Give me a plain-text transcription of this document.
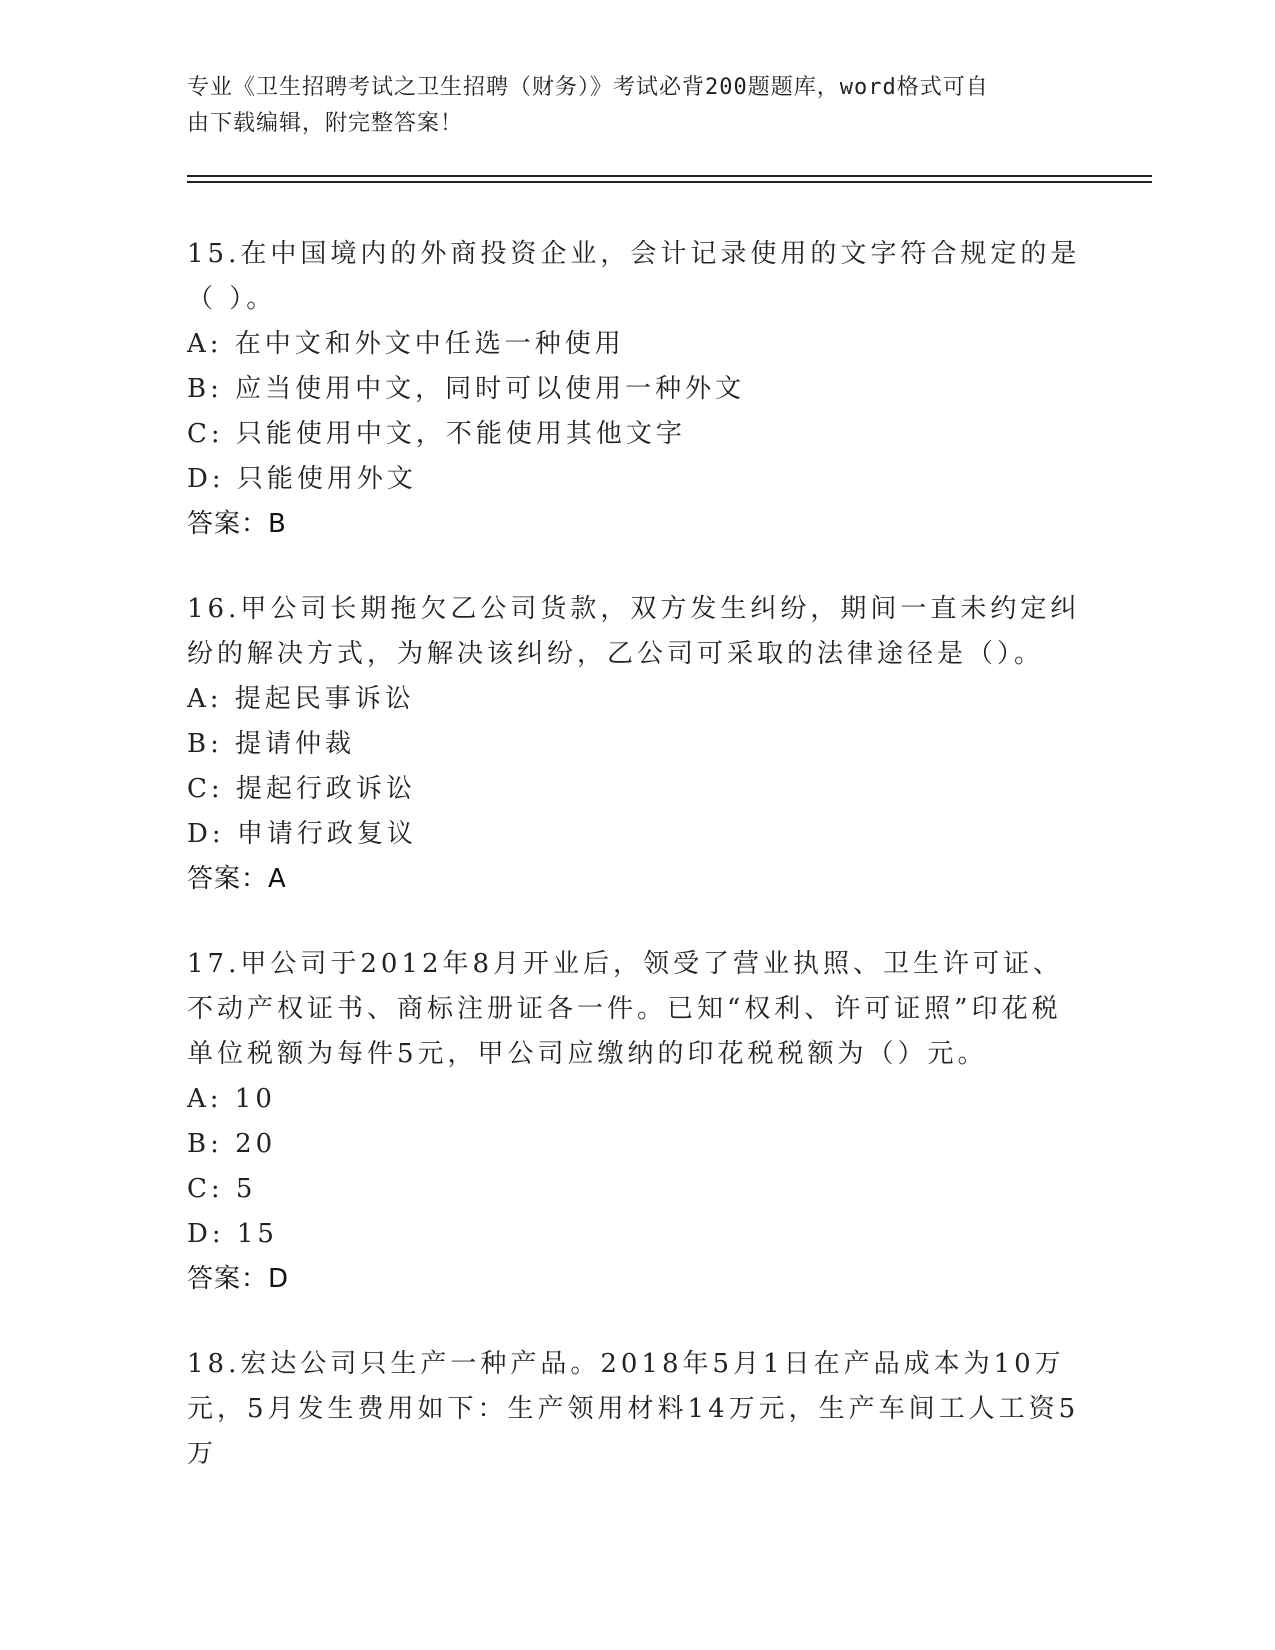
专业《卫生招聘考试之卫生招聘（财务）》考试必背200题题库，word格式可自
由下载编辑，附完整答案！

15.在中国境内的外商投资企业，会计记录使用的文字符合规定的是（ ）。

A: 在中文和外文中任选一种使用

B: 应当使用中文，同时可以使用一种外文

C: 只能使用中文，不能使用其他文字

D: 只能使用外文

答案：B

16.甲公司长期拖欠乙公司货款，双方发生纠纷，期间一直未约定纠纷的解决方式，为解决该纠纷，乙公司可采取的法律途径是（）。

A: 提起民事诉讼

B: 提请仲裁

C: 提起行政诉讼

D: 申请行政复议

答案：A

17.甲公司于2012年8月开业后，领受了营业执照、卫生许可证、不动产权证书、商标注册证各一件。已知“权利、许可证照”印花税单位税额为每件5元，甲公司应缴纳的印花税税额为（）元。

A: 10

B: 20

C: 5

D: 15

答案：D

18.宏达公司只生产一种产品。2018年5月1日在产品成本为10万元，5月发生费用如下：生产领用材料14万元，生产车间工人工资5万
